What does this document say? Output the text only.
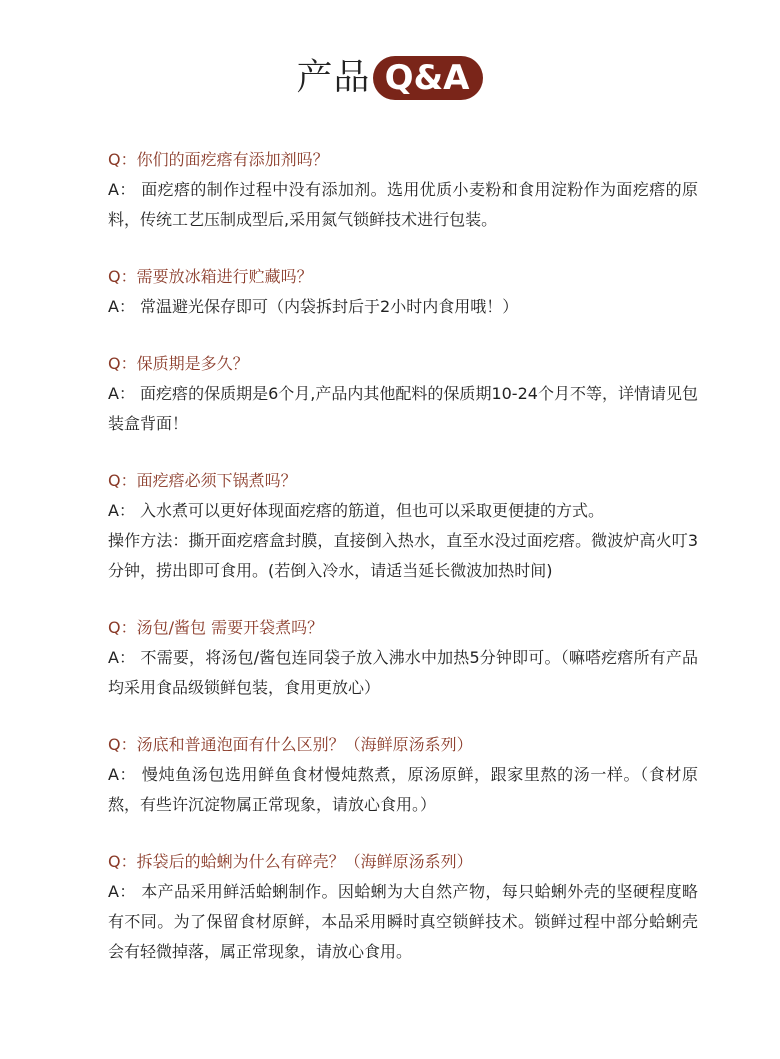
产品 Q&A
Q：你们的面疙瘩有添加剂吗？
A： 面疙瘩的制作过程中没有添加剂。选用优质小麦粉和食用淀粉作为面疙瘩的原料，传统工艺压制成型后,采用氮气锁鲜技术进行包装。
Q：需要放冰箱进行贮藏吗？
A： 常温避光保存即可（内袋拆封后于2小时内食用哦！）
Q：保质期是多久？
A： 面疙瘩的保质期是6个月,产品内其他配料的保质期10-24个月不等，详情请见包装盒背面！
Q：面疙瘩必须下锅煮吗？
A： 入水煮可以更好体现面疙瘩的筋道，但也可以采取更便捷的方式。
操作方法：撕开面疙瘩盒封膜，直接倒入热水，直至水没过面疙瘩。微波炉高火叮3分钟，捞出即可食用。(若倒入冷水，请适当延长微波加热时间)
Q：汤包/酱包 需要开袋煮吗？
A： 不需要，将汤包/酱包连同袋子放入沸水中加热5分钟即可。（嘛嗒疙瘩所有产品均采用食品级锁鲜包装，食用更放心）
Q：汤底和普通泡面有什么区别？（海鲜原汤系列）
A： 慢炖鱼汤包选用鲜鱼食材慢炖熬煮，原汤原鲜，跟家里熬的汤一样。（食材原熬，有些许沉淀物属正常现象，请放心食用。）
Q：拆袋后的蛤蜊为什么有碎壳？（海鲜原汤系列）
A： 本产品采用鲜活蛤蜊制作。因蛤蜊为大自然产物，每只蛤蜊外壳的坚硬程度略有不同。为了保留食材原鲜，本品采用瞬时真空锁鲜技术。锁鲜过程中部分蛤蜊壳会有轻微掉落，属正常现象，请放心食用。
